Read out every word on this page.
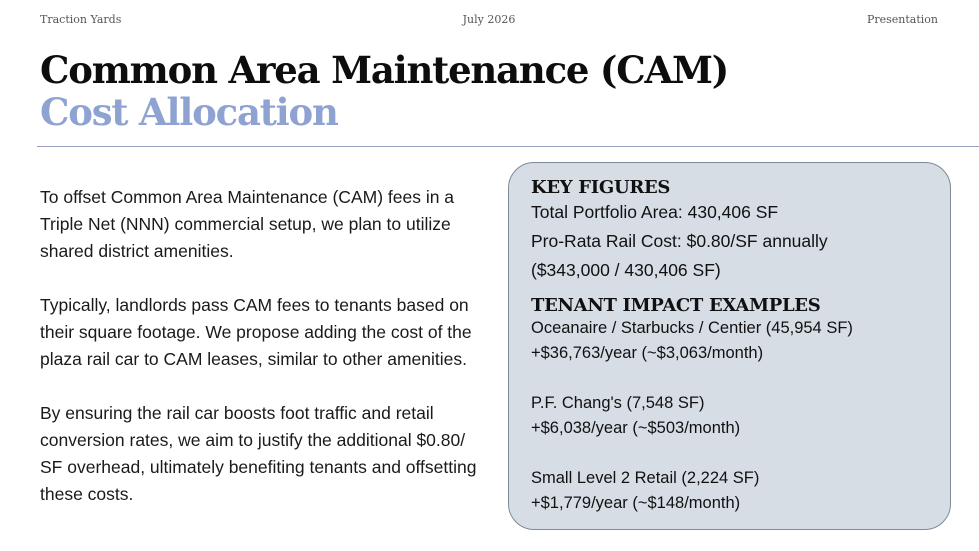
Traction Yards	July 2026	Presentation
Common Area Maintenance (CAM)
Cost Allocation

To offset Common Area Maintenance (CAM) fees in a Triple Net (NNN) commercial setup, we plan to utilize shared district amenities.

Typically, landlords pass CAM fees to tenants based on their square footage. We propose adding the cost of the plaza rail car to CAM leases, similar to other amenities.

By ensuring the rail car boosts foot traffic and retail conversion rates, we aim to justify the additional $0.80/ SF overhead, ultimately benefiting tenants and offsetting these costs.

KEY FIGURES
Total Portfolio Area: 430,406 SF
Pro-Rata Rail Cost: $0.80/SF annually
($343,000 / 430,406 SF)
TENANT IMPACT EXAMPLES
Oceanaire / Starbucks / Centier (45,954 SF)
+$36,763/year (~$3,063/month)
P.F. Chang's (7,548 SF)
+$6,038/year (~$503/month)
Small Level 2 Retail (2,224 SF)
+$1,779/year (~$148/month)
